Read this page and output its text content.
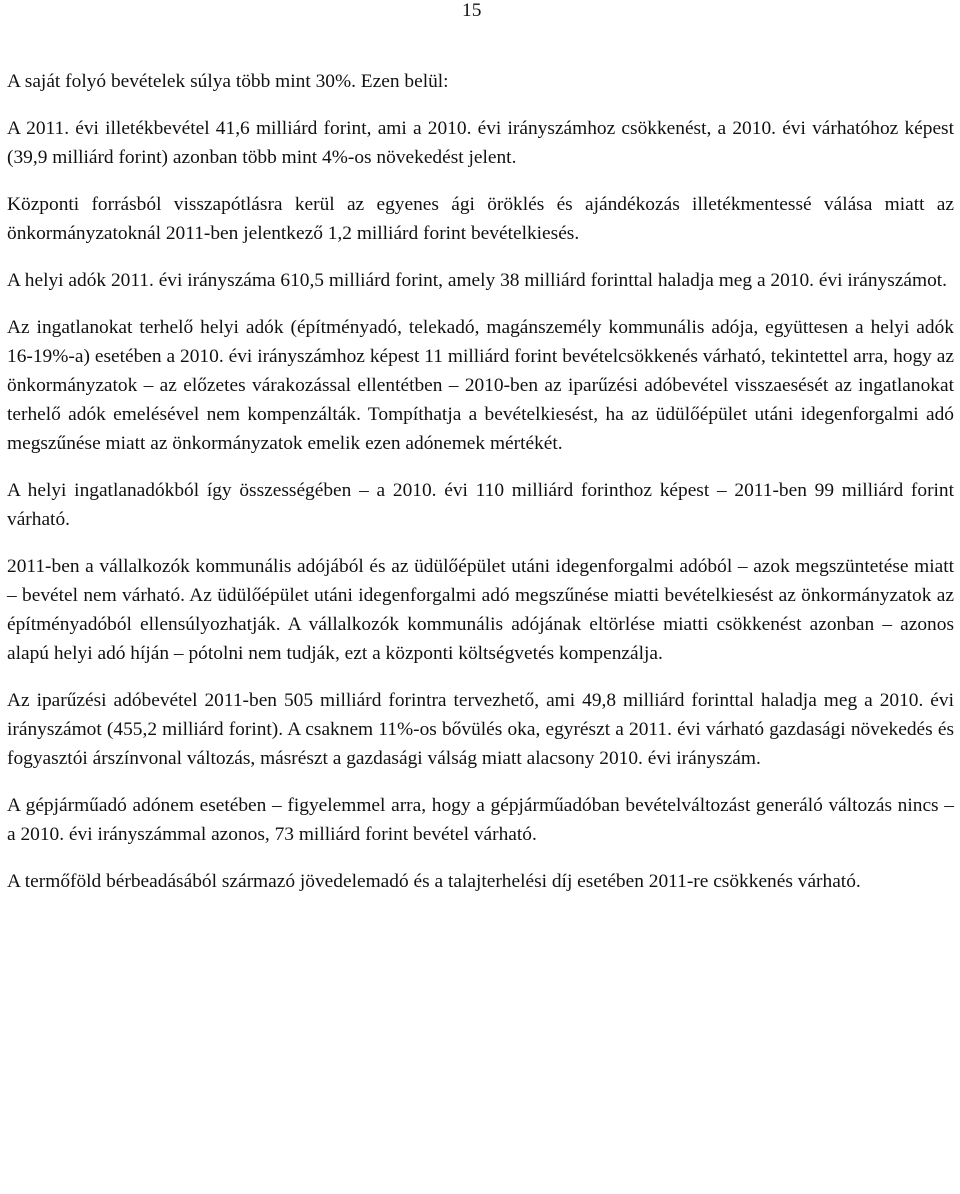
15

A saját folyó bevételek súlya több mint 30%. Ezen belül:

A 2011. évi illetékbevétel 41,6 milliárd forint, ami a 2010. évi irányszámhoz csökkenést, a 2010. évi várhatóhoz képest (39,9 milliárd forint) azonban több mint 4%-os növekedést jelent.

Központi forrásból visszapótlásra kerül az egyenes ági öröklés és ajándékozás illetékmentessé válása miatt az önkormányzatoknál 2011-ben jelentkező 1,2 milliárd forint bevételkiesés.

A helyi adók 2011. évi irányszáma 610,5 milliárd forint, amely 38 milliárd forinttal haladja meg a 2010. évi irányszámot.

Az ingatlanokat terhelő helyi adók (építményadó, telekadó, magánszemély kommunális adója, együttesen a helyi adók 16-19%-a) esetében a 2010. évi irányszámhoz képest 11 milliárd forint bevételcsökkenés várható, tekintettel arra, hogy az önkormányzatok – az előzetes várakozással ellentétben – 2010-ben az iparűzési adóbevétel visszaesését az ingatlanokat terhelő adók emelésével nem kompenzálták. Tompíthatja a bevételkiesést, ha az üdülőépület utáni idegenforgalmi adó megszűnése miatt az önkormányzatok emelik ezen adónemek mértékét.

A helyi ingatlanadókból így összességében – a 2010. évi 110 milliárd forinthoz képest – 2011-ben 99 milliárd forint várható.

2011-ben a vállalkozók kommunális adójából és az üdülőépület utáni idegenforgalmi adóból – azok megszüntetése miatt – bevétel nem várható. Az üdülőépület utáni idegenforgalmi adó megszűnése miatti bevételkiesést az önkormányzatok az építményadóból ellensúlyozhatják. A vállalkozók kommunális adójának eltörlése miatti csökkenést azonban – azonos alapú helyi adó híján – pótolni nem tudják, ezt a központi költségvetés kompenzálja.

Az iparűzési adóbevétel 2011-ben 505 milliárd forintra tervezhető, ami 49,8 milliárd forinttal haladja meg a 2010. évi irányszámot (455,2 milliárd forint). A csaknem 11%-os bővülés oka, egyrészt a 2011. évi várható gazdasági növekedés és fogyasztói árszínvonal változás, másrészt a gazdasági válság miatt alacsony 2010. évi irányszám.

A gépjárműadó adónem esetében – figyelemmel arra, hogy a gépjárműadóban bevételváltozást generáló változás nincs – a 2010. évi irányszámmal azonos, 73 milliárd forint bevétel várható.

A termőföld bérbeadásából származó jövedelemadó és a talajterhelési díj esetében 2011-re csökkenés várható.
